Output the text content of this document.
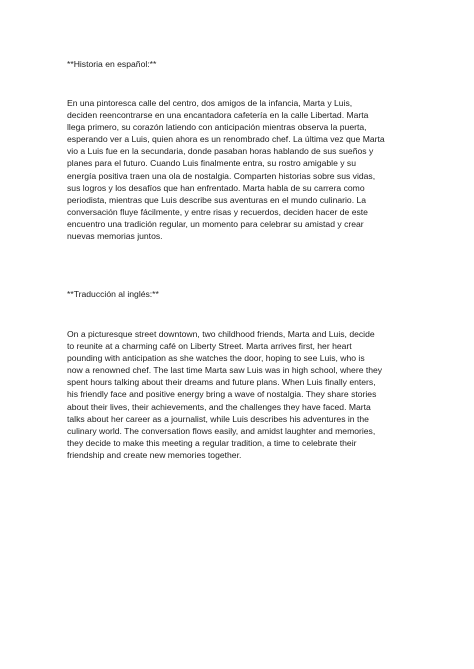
**Historia en español:**

En una pintoresca calle del centro, dos amigos de la infancia, Marta y Luis,
deciden reencontrarse en una encantadora cafetería en la calle Libertad. Marta
llega primero, su corazón latiendo con anticipación mientras observa la puerta,
esperando ver a Luis, quien ahora es un renombrado chef. La última vez que Marta
vio a Luis fue en la secundaria, donde pasaban horas hablando de sus sueños y
planes para el futuro. Cuando Luis finalmente entra, su rostro amigable y su
energía positiva traen una ola de nostalgia. Comparten historias sobre sus vidas,
sus logros y los desafíos que han enfrentado. Marta habla de su carrera como
periodista, mientras que Luis describe sus aventuras en el mundo culinario. La
conversación fluye fácilmente, y entre risas y recuerdos, deciden hacer de este
encuentro una tradición regular, un momento para celebrar su amistad y crear
nuevas memorias juntos.

**Traducción al inglés:**

On a picturesque street downtown, two childhood friends, Marta and Luis, decide
to reunite at a charming café on Liberty Street. Marta arrives first, her heart
pounding with anticipation as she watches the door, hoping to see Luis, who is
now a renowned chef. The last time Marta saw Luis was in high school, where they
spent hours talking about their dreams and future plans. When Luis finally enters,
his friendly face and positive energy bring a wave of nostalgia. They share stories
about their lives, their achievements, and the challenges they have faced. Marta
talks about her career as a journalist, while Luis describes his adventures in the
culinary world. The conversation flows easily, and amidst laughter and memories,
they decide to make this meeting a regular tradition, a time to celebrate their
friendship and create new memories together.
